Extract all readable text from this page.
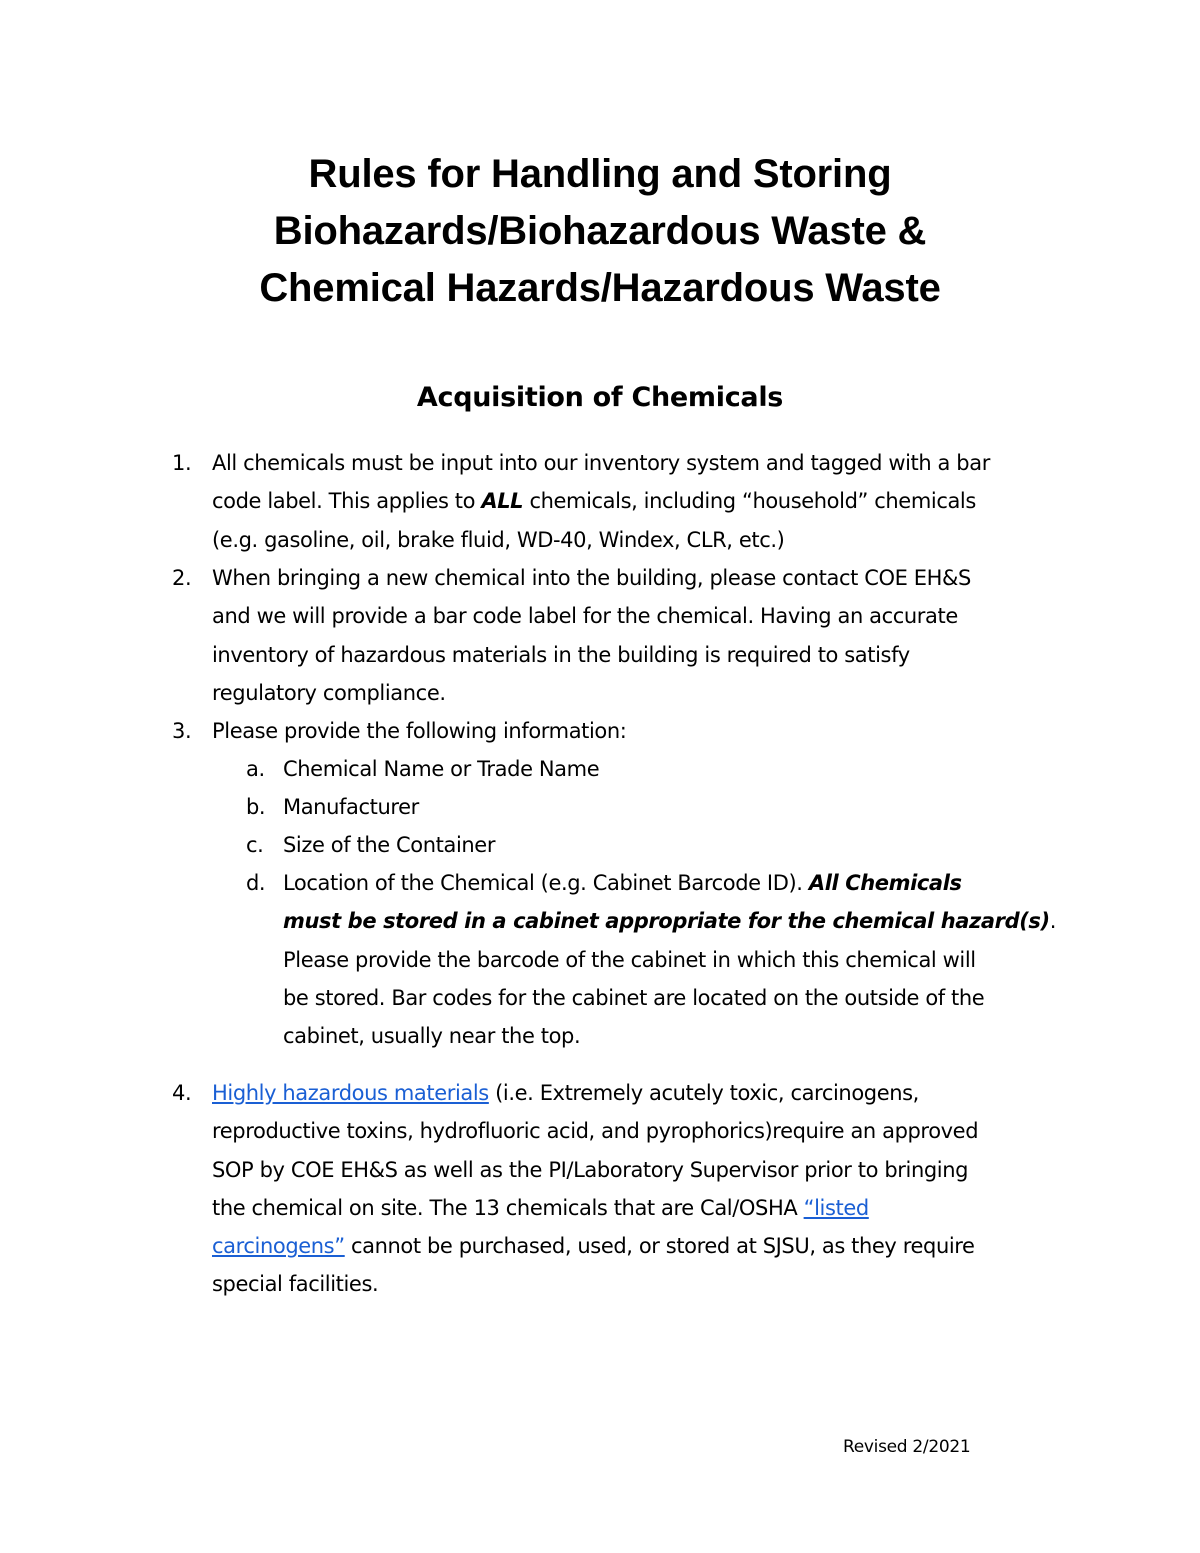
Rules for Handling and Storing
Biohazards/Biohazardous Waste &
Chemical Hazards/Hazardous Waste
Acquisition of Chemicals
1. All chemicals must be input into our inventory system and tagged with a bar
code label. This applies to ALL chemicals, including “household” chemicals
(e.g. gasoline, oil, brake fluid, WD-40, Windex, CLR, etc.)
2. When bringing a new chemical into the building, please contact COE EH&S
and we will provide a bar code label for the chemical. Having an accurate
inventory of hazardous materials in the building is required to satisfy
regulatory compliance.
3. Please provide the following information:
a. Chemical Name or Trade Name
b. Manufacturer
c. Size of the Container
d. Location of the Chemical (e.g. Cabinet Barcode ID). All Chemicals
must be stored in a cabinet appropriate for the chemical hazard(s).
Please provide the barcode of the cabinet in which this chemical will
be stored. Bar codes for the cabinet are located on the outside of the
cabinet, usually near the top.
4. Highly hazardous materials (i.e. Extremely acutely toxic, carcinogens,
reproductive toxins, hydrofluoric acid, and pyrophorics)require an approved
SOP by COE EH&S as well as the PI/Laboratory Supervisor prior to bringing
the chemical on site. The 13 chemicals that are Cal/OSHA “listed
carcinogens” cannot be purchased, used, or stored at SJSU, as they require
special facilities.
Revised 2/2021
